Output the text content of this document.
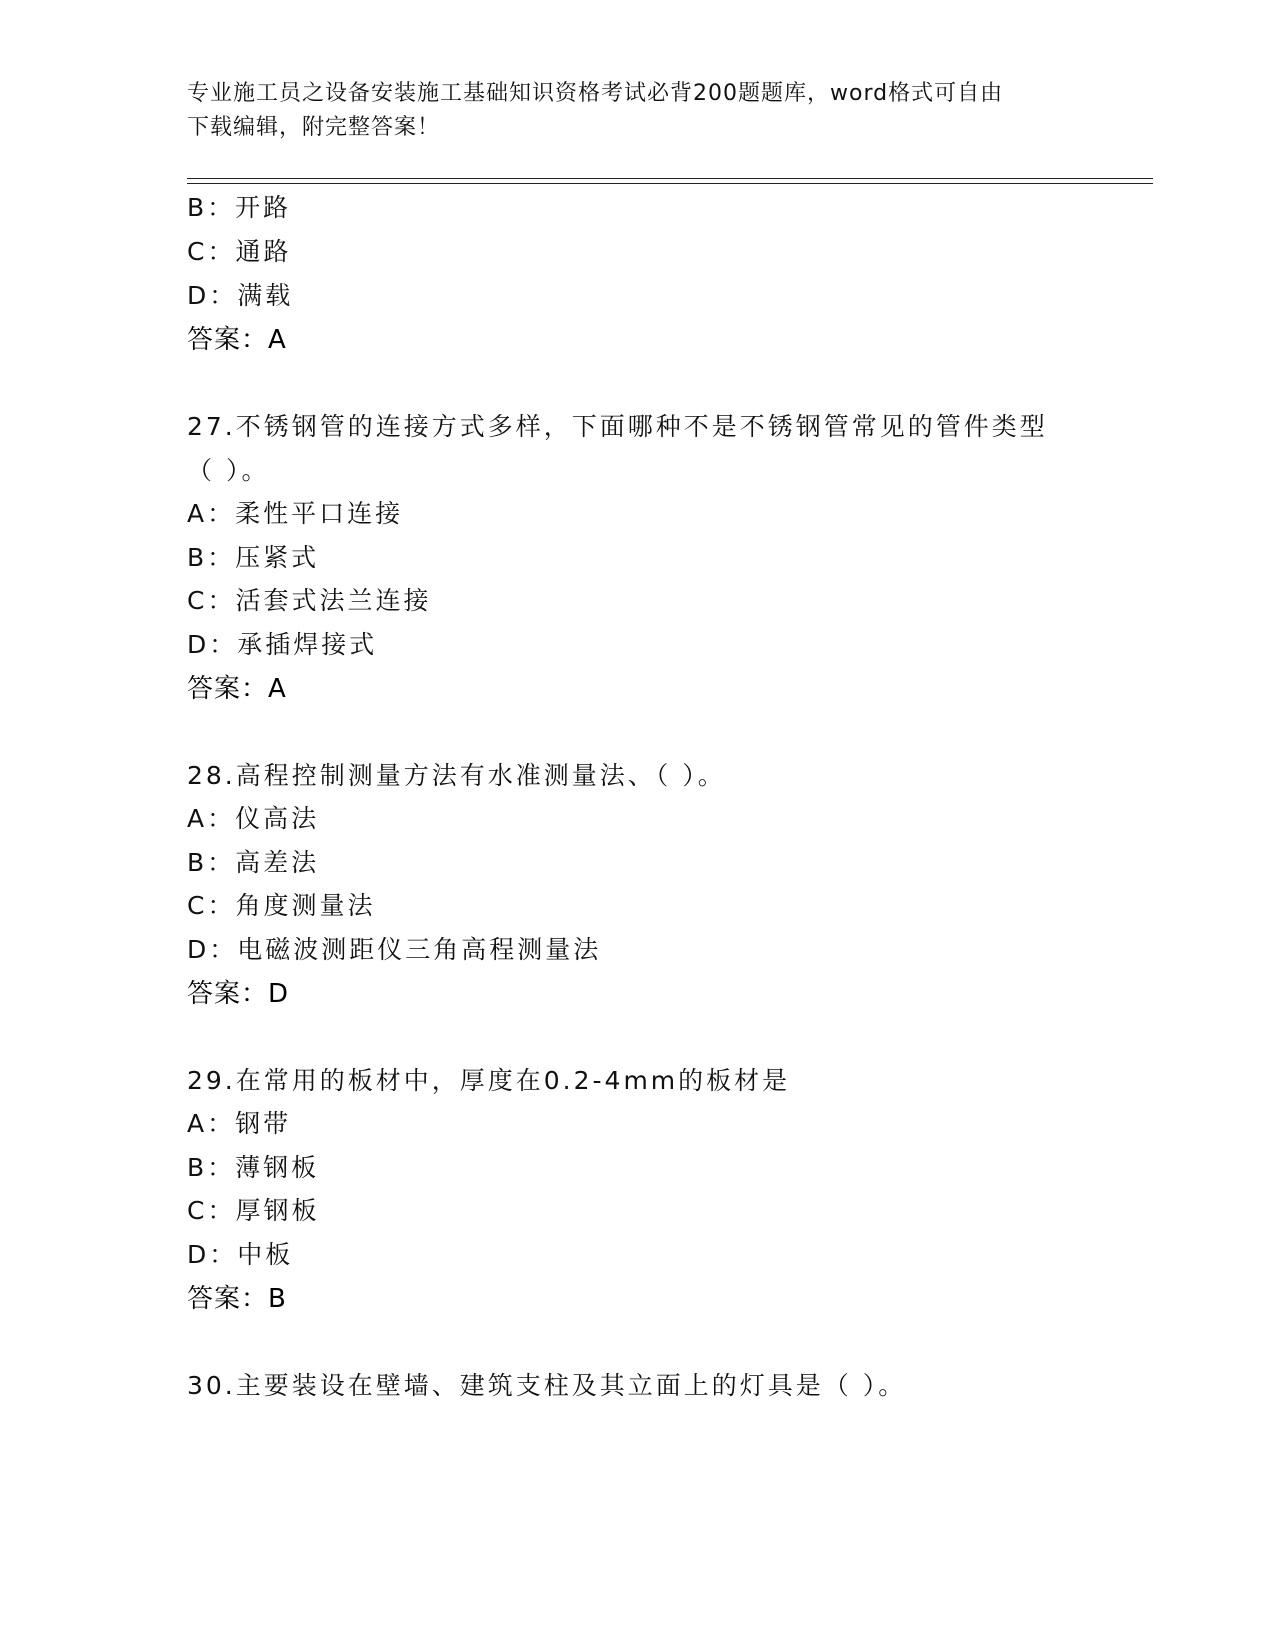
专业施工员之设备安装施工基础知识资格考试必背200题题库，word格式可自由
下载编辑，附完整答案！
B：开路
C：通路
D：满载
答案：A
27.不锈钢管的连接方式多样，下面哪种不是不锈钢管常见的管件类型
（ ）。
A：柔性平口连接
B：压紧式
C：活套式法兰连接
D：承插焊接式
答案：A
28.高程控制测量方法有水准测量法、（ ）。
A：仪高法
B：高差法
C：角度测量法
D：电磁波测距仪三角高程测量法
答案：D
29.在常用的板材中，厚度在0.2-4mm的板材是
A：钢带
B：薄钢板
C：厚钢板
D：中板
答案：B
30.主要装设在壁墙、建筑支柱及其立面上的灯具是（ ）。
